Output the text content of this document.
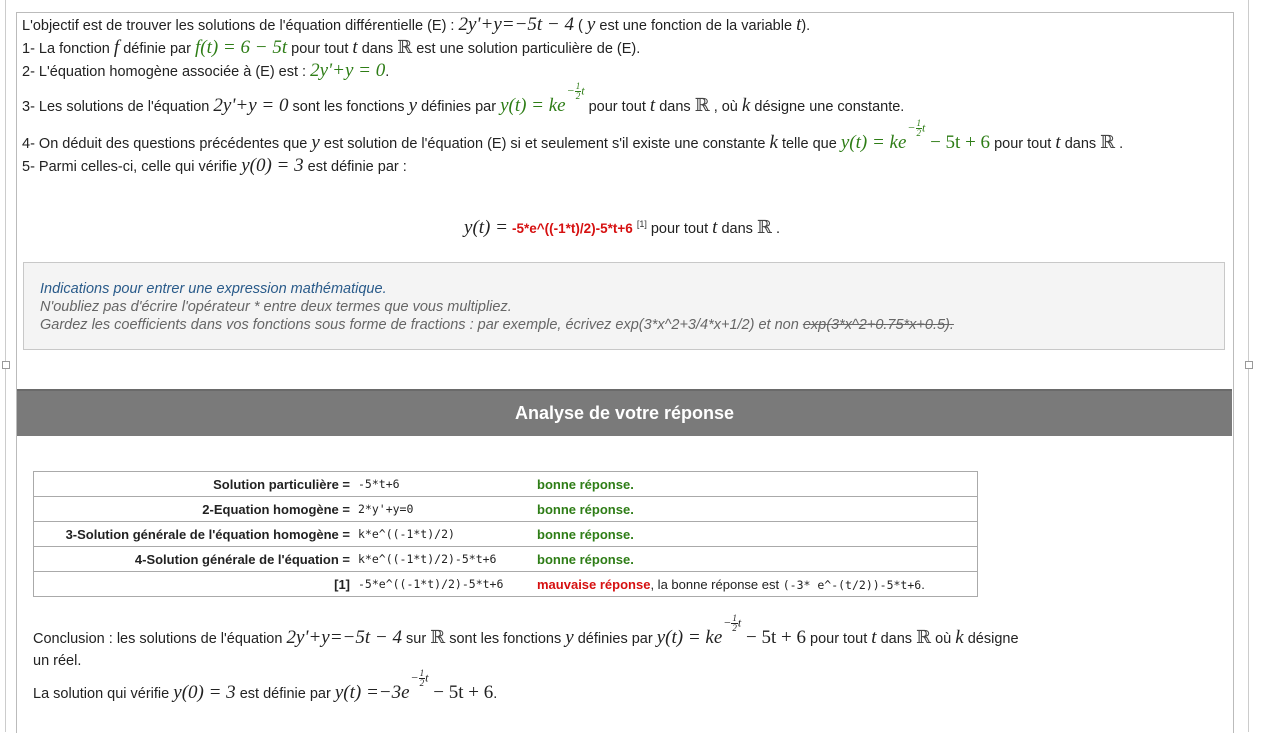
L'objectif est de trouver les solutions de l'équation différentielle (E) : 2y'+y=−5t − 4 ( y est une fonction de la variable t).
1- La fonction f définie par f(t) = 6 − 5t pour tout t dans ℝ est une solution particulière de (E).
2- L'équation homogène associée à (E) est : 2y'+y = 0.
3- Les solutions de l'équation 2y'+y = 0 sont les fonctions y définies par $y(t) = ke- \frac{1}{2}$ t pour tout t dans ℝ , où k désigne une constante.
4- On déduit des questions précédentes que y est solution de l'équation (E) si et seulement s'il existe une constante k telle que $y(t) = ke- \frac{1}{2}$ t − 5t + 6 pour tout t dans ℝ .
5- Parmi celles-ci, celle qui vérifie y(0) = 3 est définie par :
y(t) = -5*e^((-1*t)/2)-5*t+6 [1] pour tout t dans ℝ .

Indications pour entrer une expression mathématique.

N'oubliez pas d'écrire l'opérateur * entre deux termes que vous multipliez.

Gardez les coefficients dans vos fonctions sous forme de fractions : par exemple, écrivez exp(3*x^2+3/4*x+1/2) et non exp(3*x^2+0.75*x+0.5).

Analyse de votre réponse
Solution particulière =	-5*t+6	bonne réponse.
2-Equation homogène =	2*y'+y=0	bonne réponse.
3-Solution générale de l'équation homogène =	k*e^((-1*t)/2)	bonne réponse.
4-Solution générale de l'équation =	k*e^((-1*t)/2)-5*t+6	bonne réponse.
[1]	-5*e^((-1*t)/2)-5*t+6	mauvaise réponse, la bonne réponse est (-3* e^-(t/2))-5*t+6.
Conclusion : les solutions de l'équation 2y'+y=−5t − 4 sur ℝ sont les fonctions y définies par $y(t) = ke- \frac{1}{2}$ t − 5t + 6 pour tout t dans ℝ où k désigne
un réel.
La solution qui vérifie y(0) = 3 est définie par $y(t) =-3e- \frac{1}{2}$ t − 5t + 6.
